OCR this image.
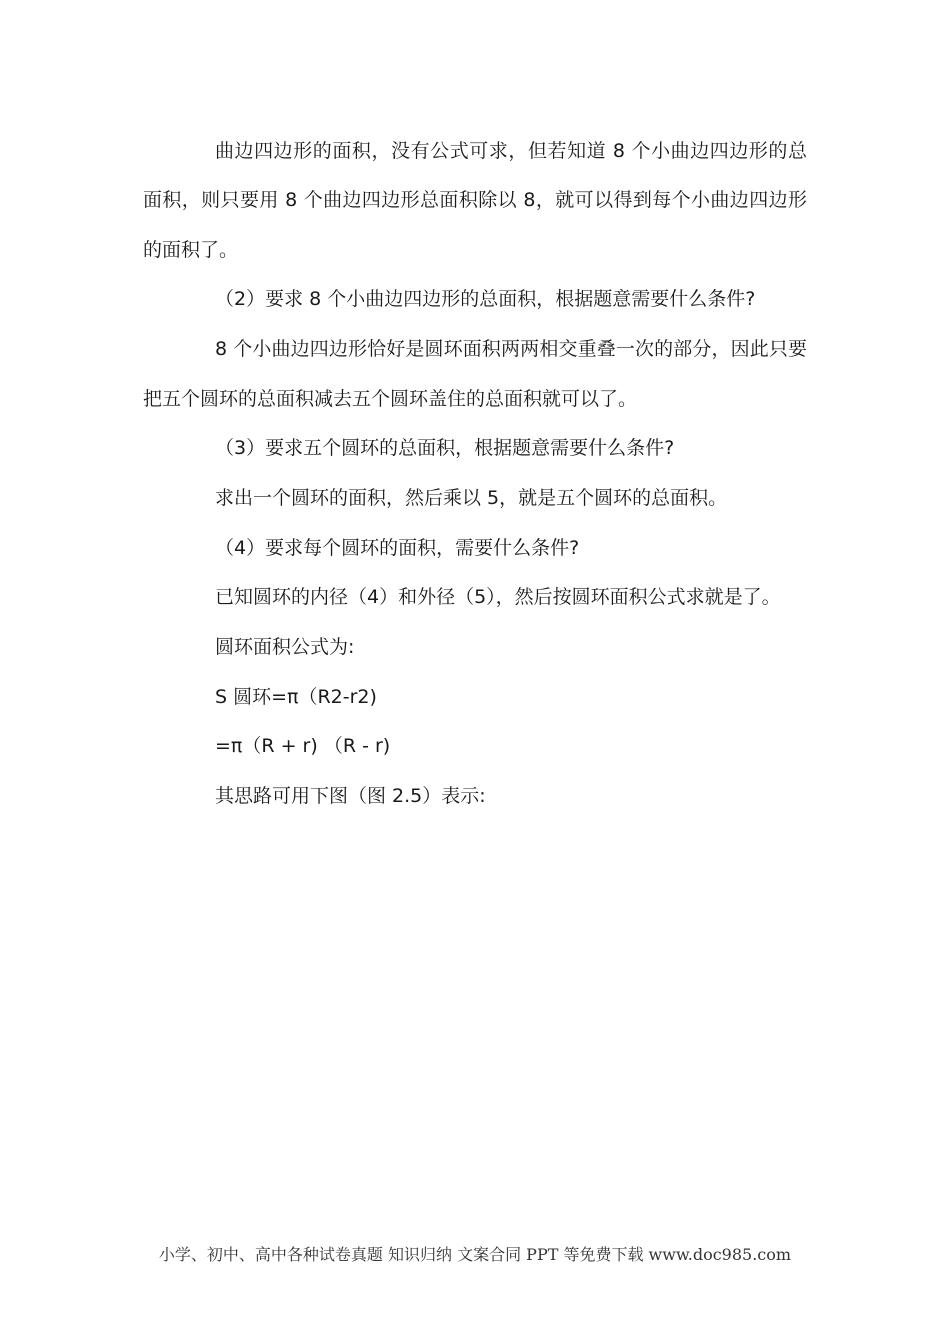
曲边四边形的面积，没有公式可求，但若知道 8 个小曲边四边形的总
面积，则只要用 8 个曲边四边形总面积除以 8，就可以得到每个小曲边四边形
的面积了。
（2）要求 8 个小曲边四边形的总面积，根据题意需要什么条件?
8 个小曲边四边形恰好是圆环面积两两相交重叠一次的部分，因此只要
把五个圆环的总面积减去五个圆环盖住的总面积就可以了。
（3）要求五个圆环的总面积，根据题意需要什么条件?
求出一个圆环的面积，然后乘以 5，就是五个圆环的总面积。
（4）要求每个圆环的面积，需要什么条件?
已知圆环的内径（4）和外径（5），然后按圆环面积公式求就是了。
圆环面积公式为:
S 圆环=π（R2-r2)
=π（R + r) （R - r)
其思路可用下图（图 2.5）表示:
小学、初中、高中各种试卷真题 知识归纳 文案合同 PPT 等免费下载 www.doc985.com
